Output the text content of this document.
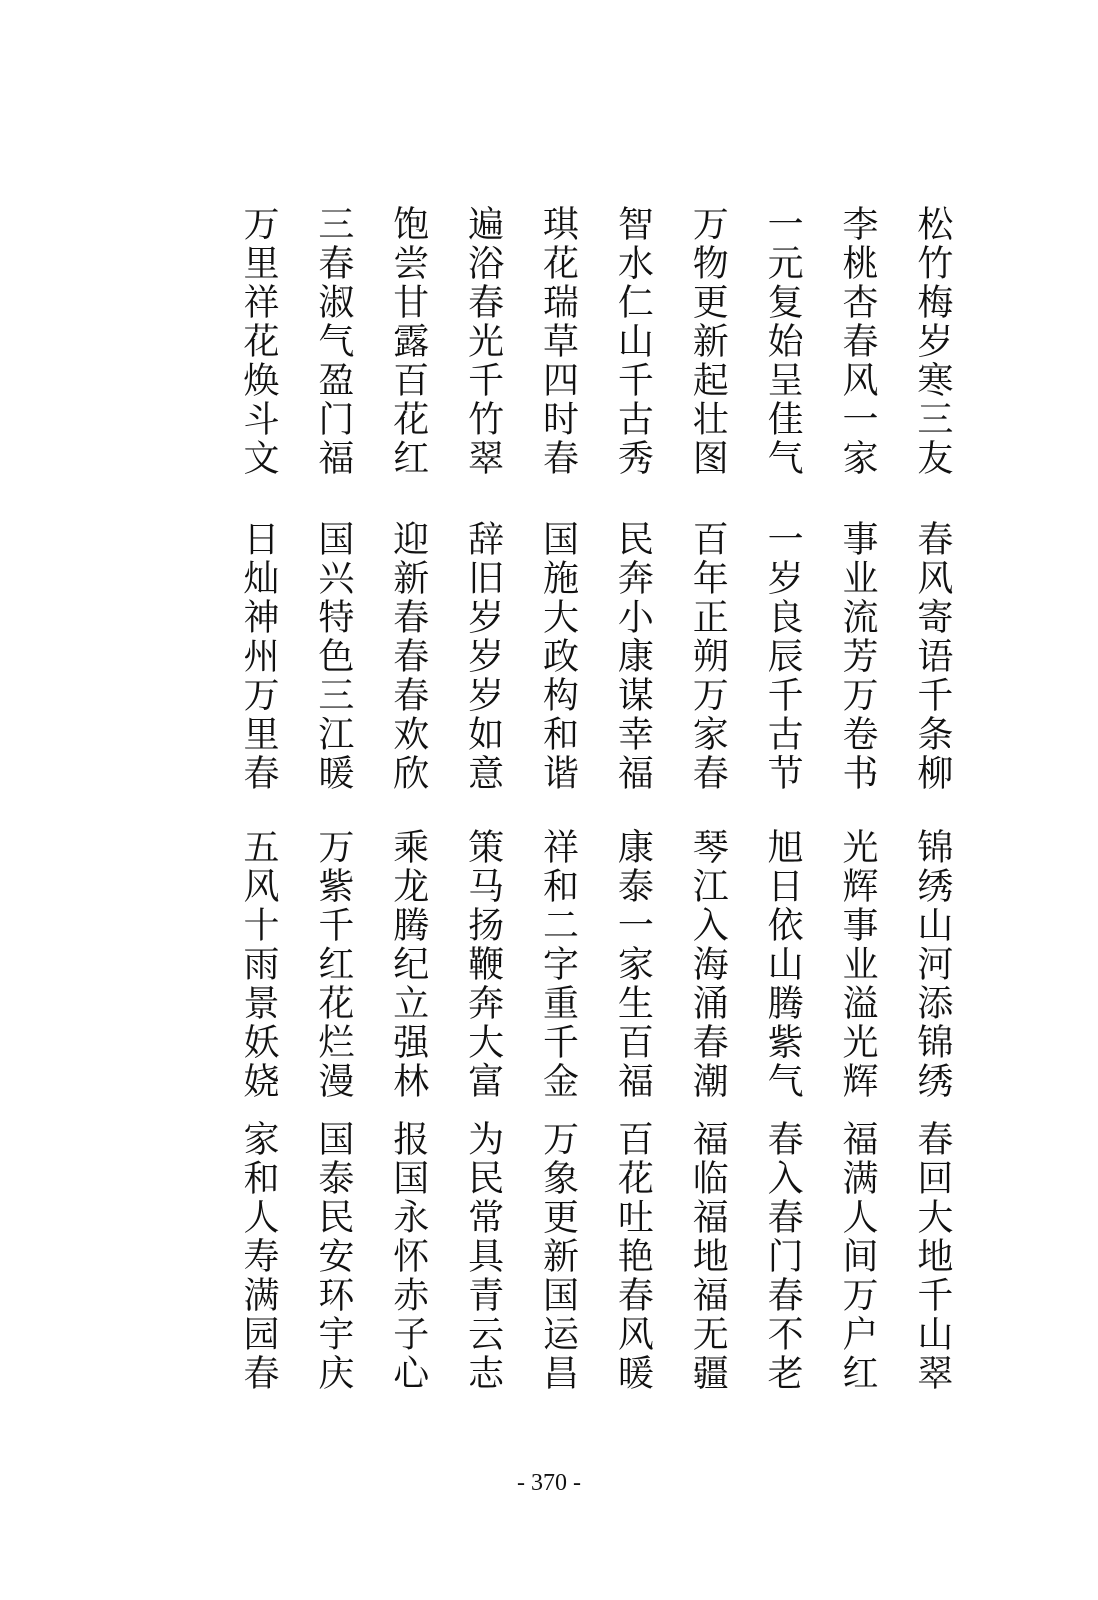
松竹梅岁寒三友
李桃杏春风一家
一元复始呈佳气
万物更新起壮图
智水仁山千古秀
琪花瑞草四时春
遍浴春光千竹翠
饱尝甘露百花红
三春淑气盈门福
万里祥花焕斗文
春风寄语千条柳
事业流芳万卷书
一岁良辰千古节
百年正朔万家春
民奔小康谋幸福
国施大政构和谐
辞旧岁岁岁如意
迎新春春春欢欣
国兴特色三江暖
日灿神州万里春
锦绣山河添锦绣
光辉事业溢光辉
旭日依山腾紫气
琴江入海涌春潮
康泰一家生百福
祥和二字重千金
策马扬鞭奔大富
乘龙腾纪立强林
万紫千红花烂漫
五风十雨景妖娆
春回大地千山翠
福满人间万户红
春入春门春不老
福临福地福无疆
百花吐艳春风暖
万象更新国运昌
为民常具青云志
报国永怀赤子心
国泰民安环宇庆
家和人寿满园春
- 370 -
